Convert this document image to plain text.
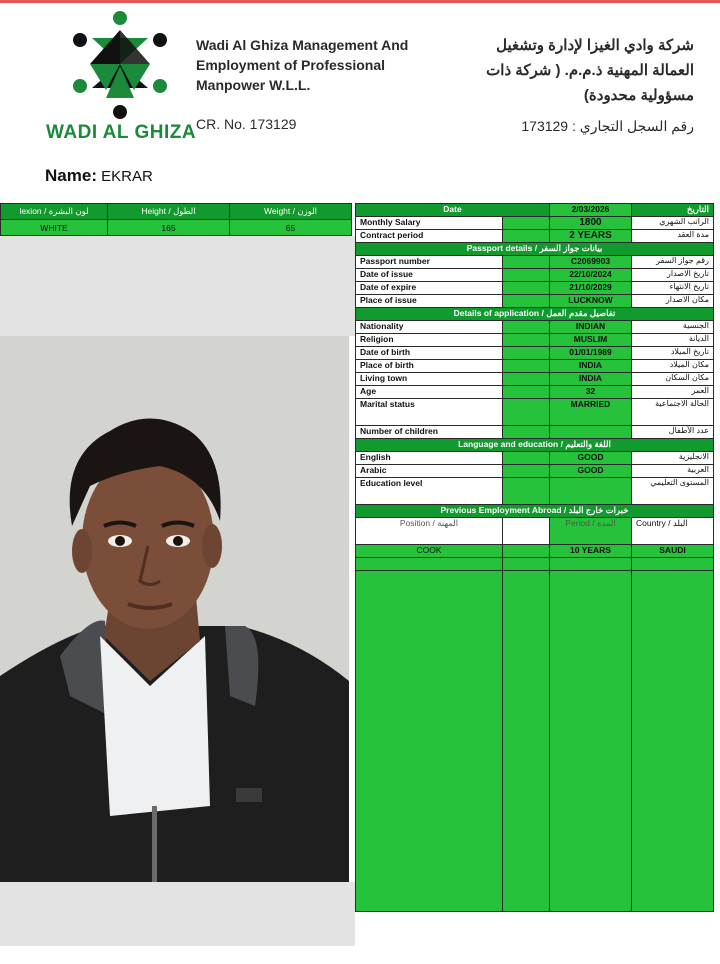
WADI AL GHIZA
Wadi Al Ghiza Management And Employment of Professional Manpower W.L.L.
CR. No. 173129
شركة وادي الغيزا لإدارة وتشغيل العمالة المهنية ذ.م.م. ( شركة ذات مسؤولية محدودة)
رقم السجل التجاري : 173129
Name: EKRAR
lexion / لون البشرة	Height / الطول	Weight / الوزن
WHITE	165	65
Date		2/03/2026	التاريخ
Monthly Salary		1800	الراتب الشهري
Contract period		2 YEARS	مدة العقد
Passport details / بيانات جواز السفر			
Passport number		C2069903	رقم جواز السفر
Date of issue		22/10/2024	تاريخ الاصدار
Date of expire		21/10/2029	تاريخ الانتهاء
Place of issue		LUCKNOW	مكان الاصدار
Details of application / تفاصيل مقدم العمل			
Nationality		INDIAN	الجنسية
Religion		MUSLIM	الديانة
Date of birth		01/01/1989	تاريخ الميلاد
Place of birth		INDIA	مكان الميلاد
Living town		INDIA	مكان السكان
Age		32	العمر
Marital status		MARRIED	الحالة الاجتماعية
Number of children			عدد الأطفال
Language and education / اللغة والتعليم			
English		GOOD	الانجليزية
Arabic		GOOD	العربية
Education level			المستوى التعليمي
Previous Employment Abroad / خبرات خارج البلد			
Position / المهنة		Period / المدة	Country / البلد
COOK		10 YEARS	SAUDI
